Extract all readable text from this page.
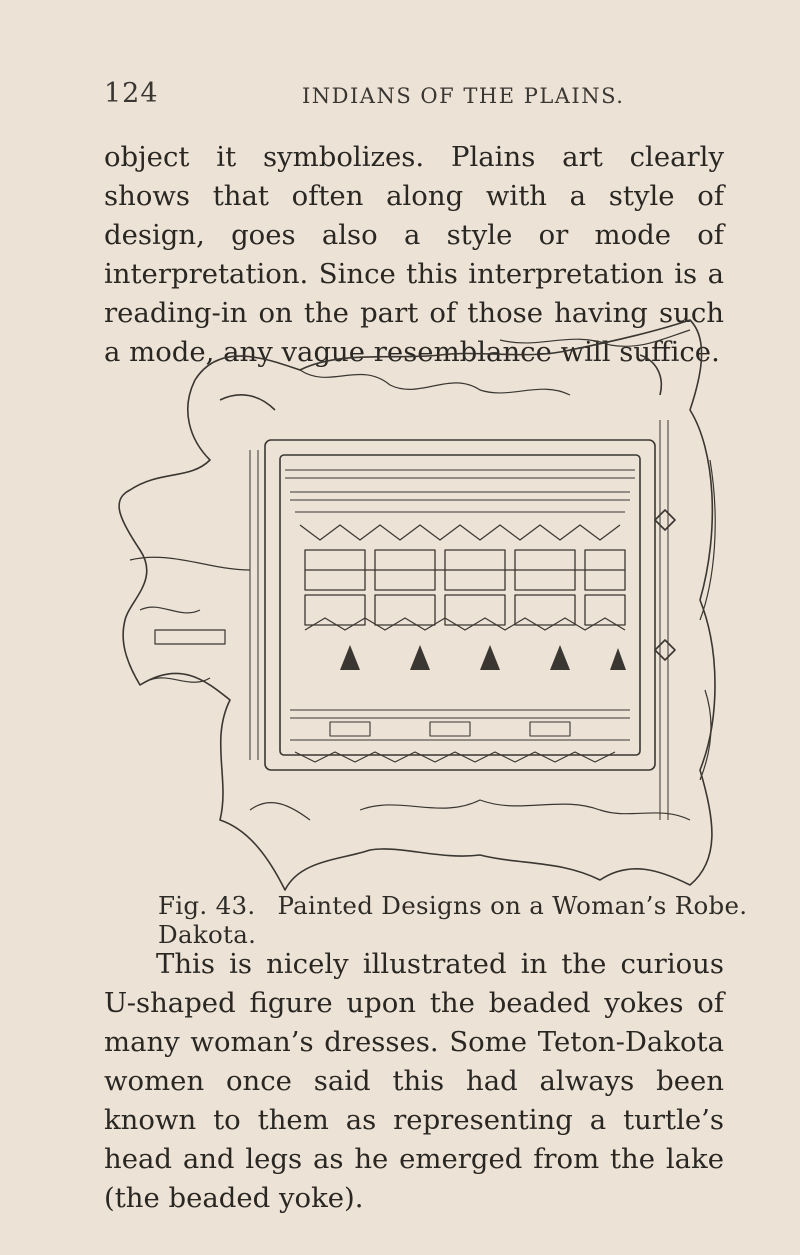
124	INDIANS OF THE PLAINS.

object it symbolizes. Plains art clearly shows that often along with a style of design, goes also a style or mode of interpretation. Since this interpretation is a reading-in on the part of those having such a mode, any vague resemblance will suffice.

Fig. 43. Painted Designs on a Woman’s Robe.Dakota.

This is nicely illustrated in the curious U-shaped figure upon the beaded yokes of many woman’s dresses. Some Teton-Dakota women once said this had always been known to them as representing a turtle’s head and legs as he emerged from the lake (the beaded yoke).
